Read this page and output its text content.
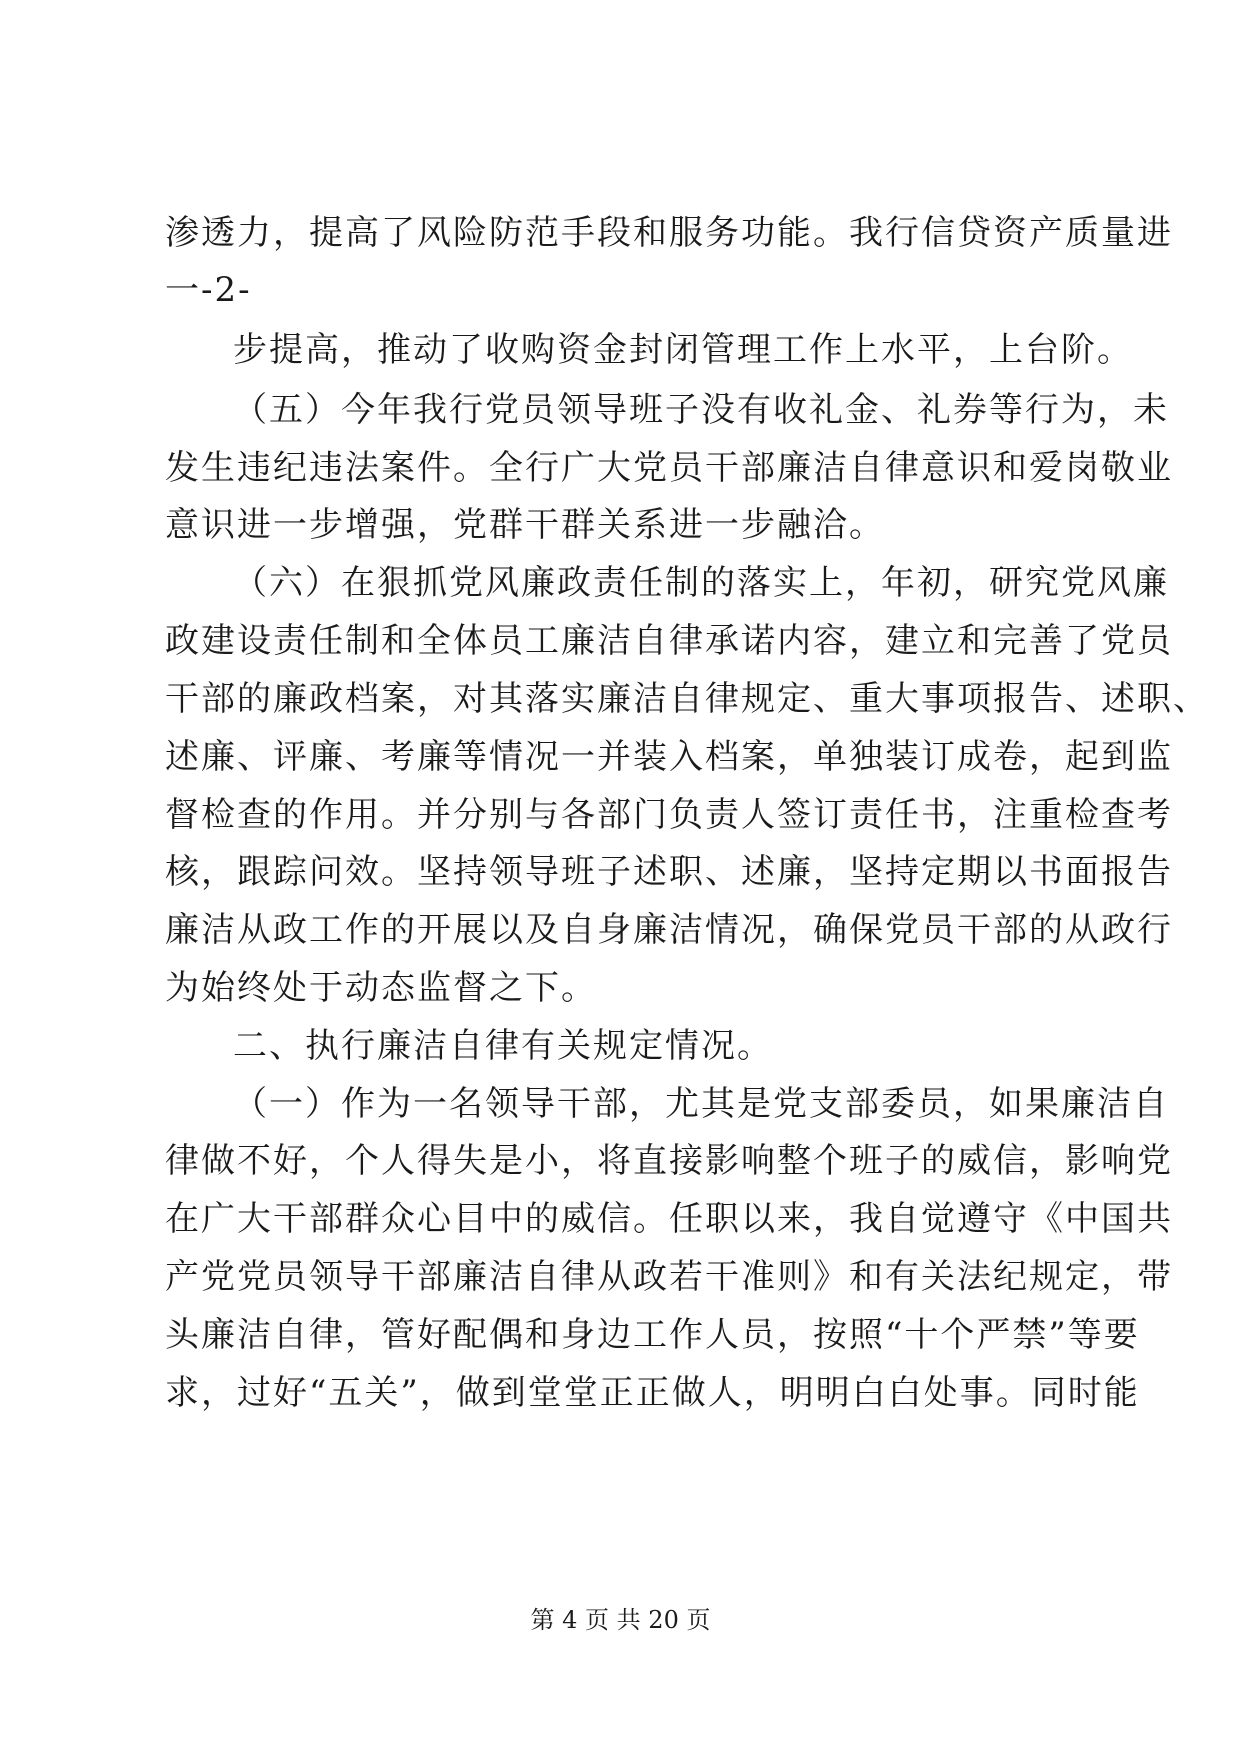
渗透力，提高了风险防范手段和服务功能。我行信贷资产质量进
一-2-
步提高，推动了收购资金封闭管理工作上水平，上台阶。
（五）今年我行党员领导班子没有收礼金、礼券等行为，未
发生违纪违法案件。全行广大党员干部廉洁自律意识和爱岗敬业
意识进一步增强，党群干群关系进一步融洽。
（六）在狠抓党风廉政责任制的落实上，年初，研究党风廉
政建设责任制和全体员工廉洁自律承诺内容，建立和完善了党员
干部的廉政档案，对其落实廉洁自律规定、重大事项报告、述职、
述廉、评廉、考廉等情况一并装入档案，单独装订成卷，起到监
督检查的作用。并分别与各部门负责人签订责任书，注重检查考
核，跟踪问效。坚持领导班子述职、述廉，坚持定期以书面报告
廉洁从政工作的开展以及自身廉洁情况，确保党员干部的从政行
为始终处于动态监督之下。
二、执行廉洁自律有关规定情况。
（一）作为一名领导干部，尤其是党支部委员，如果廉洁自
律做不好，个人得失是小，将直接影响整个班子的威信，影响党
在广大干部群众心目中的威信。任职以来，我自觉遵守《中国共
产党党员领导干部廉洁自律从政若干准则》和有关法纪规定，带
头廉洁自律，管好配偶和身边工作人员，按照“十个严禁”等要
求，过好“五关”，做到堂堂正正做人，明明白白处事。同时能
第 4 页 共 20 页
